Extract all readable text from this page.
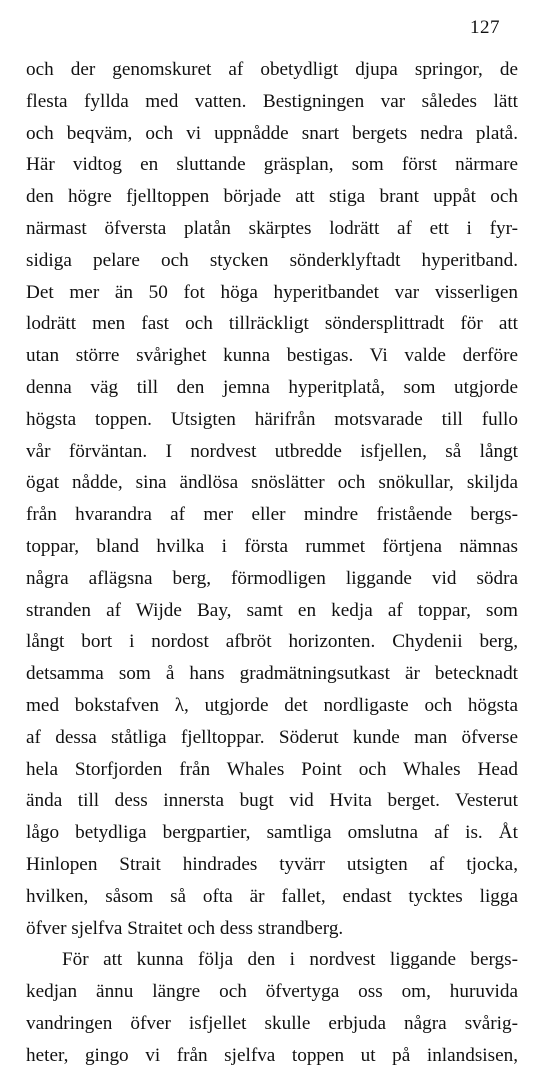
127
och der genomskuret af obetydligt djupa springor, de
flesta fyllda med vatten. Bestigningen var således lätt
och beqväm, och vi uppnådde snart bergets nedra platå.
Här vidtog en sluttande gräsplan, som först närmare
den högre fjelltoppen började att stiga brant uppåt och
närmast öfversta platån skärptes lodrätt af ett i fyr-
sidiga pelare och stycken sönderklyftadt hyperitband.
Det mer än 50 fot höga hyperitbandet var visserligen
lodrätt men fast och tillräckligt söndersplittradt för att
utan större svårighet kunna bestigas. Vi valde derföre
denna väg till den jemna hyperitplatå, som utgjorde
högsta toppen. Utsigten härifrån motsvarade till fullo
vår förväntan. I nordvest utbredde isfjellen, så långt
ögat nådde, sina ändlösa snöslätter och snökullar, skiljda
från hvarandra af mer eller mindre fristående bergs-
toppar, bland hvilka i första rummet förtjena nämnas
några aflägsna berg, förmodligen liggande vid södra
stranden af Wijde Bay, samt en kedja af toppar, som
långt bort i nordost afbröt horizonten. Chydenii berg,
detsamma som å hans gradmätningsutkast är betecknadt
med bokstafven λ, utgjorde det nordligaste och högsta
af dessa ståtliga fjelltoppar. Söderut kunde man öfverse
hela Storfjorden från Whales Point och Whales Head
ända till dess innersta bugt vid Hvita berget. Vesterut
lågo betydliga bergpartier, samtliga omslutna af is. Åt
Hinlopen Strait hindrades tyvärr utsigten af tjocka,
hvilken, såsom så ofta är fallet, endast tycktes ligga
öfver sjelfva Straitet och dess strandberg.
För att kunna följa den i nordvest liggande bergs-
kedjan ännu längre och öfvertyga oss om, huruvida
vandringen öfver isfjellet skulle erbjuda några svårig-
heter, gingo vi från sjelfva toppen ut på inlandsisen,
